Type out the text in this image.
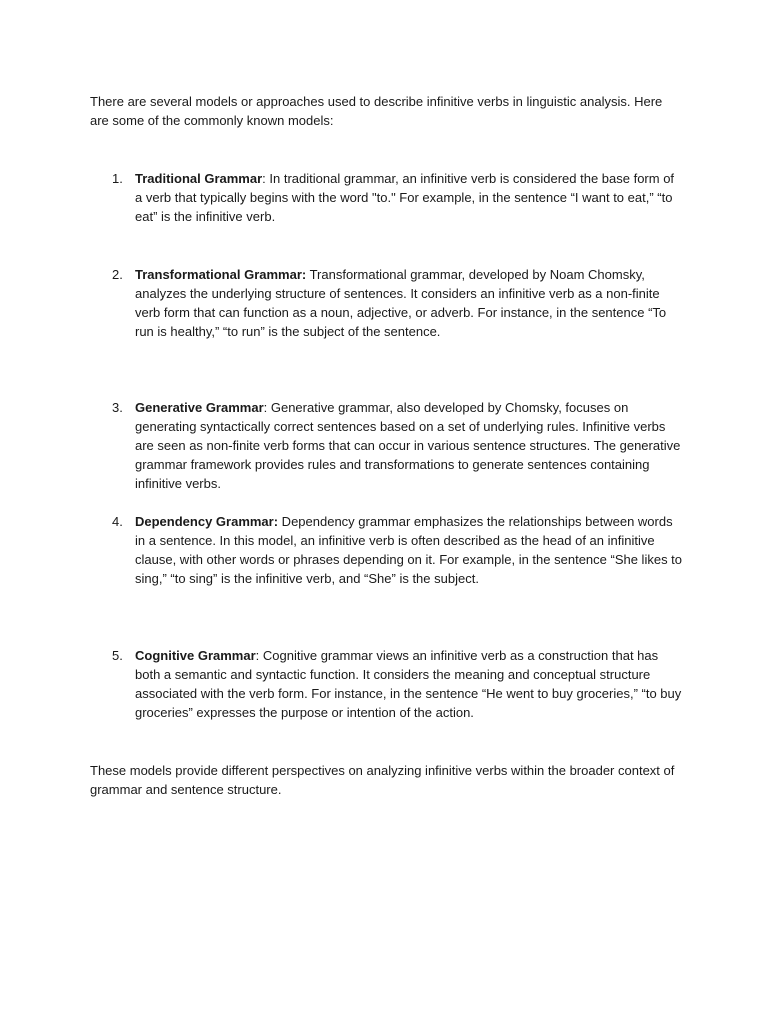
There are several models or approaches used to describe infinitive verbs in linguistic analysis. Here are some of the commonly known models:

1. Traditional Grammar: In traditional grammar, an infinitive verb is considered the base form of a verb that typically begins with the word "to." For example, in the sentence “I want to eat,” “to eat” is the infinitive verb.
2. Transformational Grammar: Transformational grammar, developed by Noam Chomsky, analyzes the underlying structure of sentences. It considers an infinitive verb as a non-finite verb form that can function as a noun, adjective, or adverb. For instance, in the sentence “To run is healthy,” “to run” is the subject of the sentence.
3. Generative Grammar: Generative grammar, also developed by Chomsky, focuses on generating syntactically correct sentences based on a set of underlying rules. Infinitive verbs are seen as non-finite verb forms that can occur in various sentence structures. The generative grammar framework provides rules and transformations to generate sentences containing infinitive verbs.
4. Dependency Grammar: Dependency grammar emphasizes the relationships between words in a sentence. In this model, an infinitive verb is often described as the head of an infinitive clause, with other words or phrases depending on it. For example, in the sentence “She likes to sing,” “to sing” is the infinitive verb, and “She” is the subject.
5. Cognitive Grammar: Cognitive grammar views an infinitive verb as a construction that has both a semantic and syntactic function. It considers the meaning and conceptual structure associated with the verb form. For instance, in the sentence “He went to buy groceries,” “to buy groceries” expresses the purpose or intention of the action.

These models provide different perspectives on analyzing infinitive verbs within the broader context of grammar and sentence structure.
